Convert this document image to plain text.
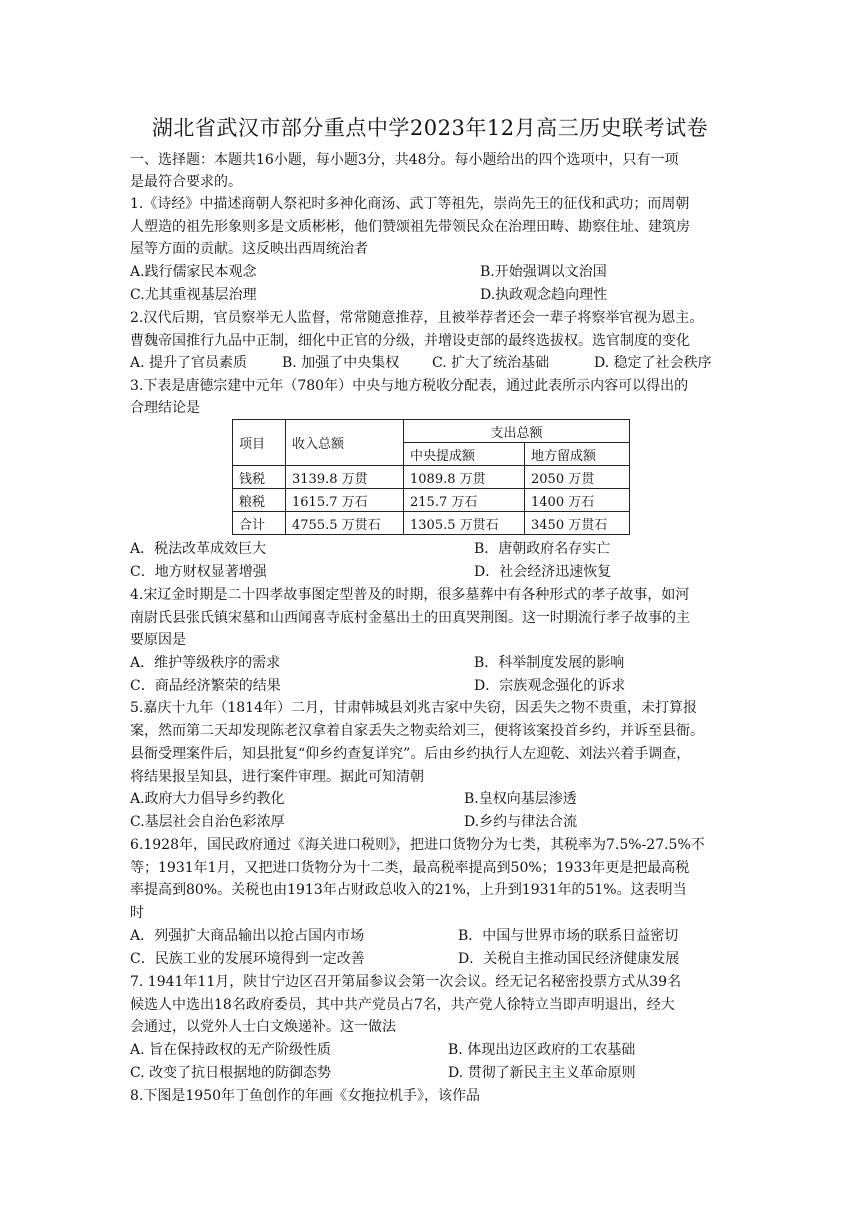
湖北省武汉市部分重点中学2023年12月高三历史联考试卷
一、选择题：本题共16小题，每小题3分，共48分。每小题给出的四个选项中，只有一项
是最符合要求的。
1.《诗经》中描述商朝人祭祀时多神化商汤、武丁等祖先，崇尚先王的征伐和武功；而周朝
人塑造的祖先形象则多是文质彬彬，他们赞颂祖先带领民众在治理田畴、勘察住址、建筑房
屋等方面的贡献。这反映出西周统治者
A.践行儒家民本观念	B.开始强调以文治国
C.尤其重视基层治理	D.执政观念趋向理性
2.汉代后期，官员察举无人监督，常常随意推荐，且被举荐者还会一辈子将察举官视为恩主。
曹魏帝国推行九品中正制，细化中正官的分级，并增设吏部的最终选拔权。选官制度的变化
A. 提升了官员素质 B. 加强了中央集权 C. 扩大了统治基础	D. 稳定了社会秩序
3.下表是唐德宗建中元年（780年）中央与地方税收分配表，通过此表所示内容可以得出的
合理结论是
项目	收入总额	支出总额	
		中央提成额	地方留成额
钱税	3139.8 万贯	1089.8 万贯	2050 万贯
粮税	1615.7 万石	215.7 万石	1400 万石
合计	4755.5 万贯石	1305.5 万贯石	3450 万贯石
A．税法改革成效巨大	B．唐朝政府名存实亡
C．地方财权显著增强	D．社会经济迅速恢复
4.宋辽金时期是二十四孝故事图定型普及的时期，很多墓葬中有各种形式的孝子故事，如河
南尉氏县张氏镇宋墓和山西闻喜寺底村金墓出土的田真哭荆图。这一时期流行孝子故事的主
要原因是
A．维护等级秩序的需求	B．科举制度发展的影响
C．商品经济繁荣的结果	D．宗族观念强化的诉求
5.嘉庆十九年（1814年）二月，甘肃韩城县刘兆吉家中失窃，因丢失之物不贵重，未打算报
案，然而第二天却发现陈老汉拿着自家丢失之物卖给刘三，便将该案投首乡约，并诉至县衙。
县衙受理案件后，知县批复“仰乡约查复详究”。后由乡约执行人左迎乾、刘法兴着手调查，
将结果报呈知县，进行案件审理。据此可知清朝
A.政府大力倡导乡约教化	B.皇权向基层渗透
C.基层社会自治色彩浓厚	D.乡约与律法合流
6.1928年，国民政府通过《海关进口税则》，把进口货物分为七类，其税率为7.5%-27.5%不
等；1931年1月，又把进口货物分为十二类，最高税率提高到50%；1933年更是把最高税
率提高到80%。关税也由1913年占财政总收入的21%，上升到1931年的51%。这表明当
时
A．列强扩大商品输出以抢占国内市场	B．中国与世界市场的联系日益密切
C．民族工业的发展环境得到一定改善	D．关税自主推动国民经济健康发展
7. 1941年11月，陕甘宁边区召开第届参议会第一次会议。经无记名秘密投票方式从39名
候选人中选出18名政府委员，其中共产党员占7名，共产党人徐特立当即声明退出，经大
会通过，以党外人士白文焕递补。这一做法
A. 旨在保持政权的无产阶级性质	B. 体现出边区政府的工农基础
C. 改变了抗日根据地的防御态势	D. 贯彻了新民主主义革命原则
8.下图是1950年丁鱼创作的年画《女拖拉机手》，该作品
